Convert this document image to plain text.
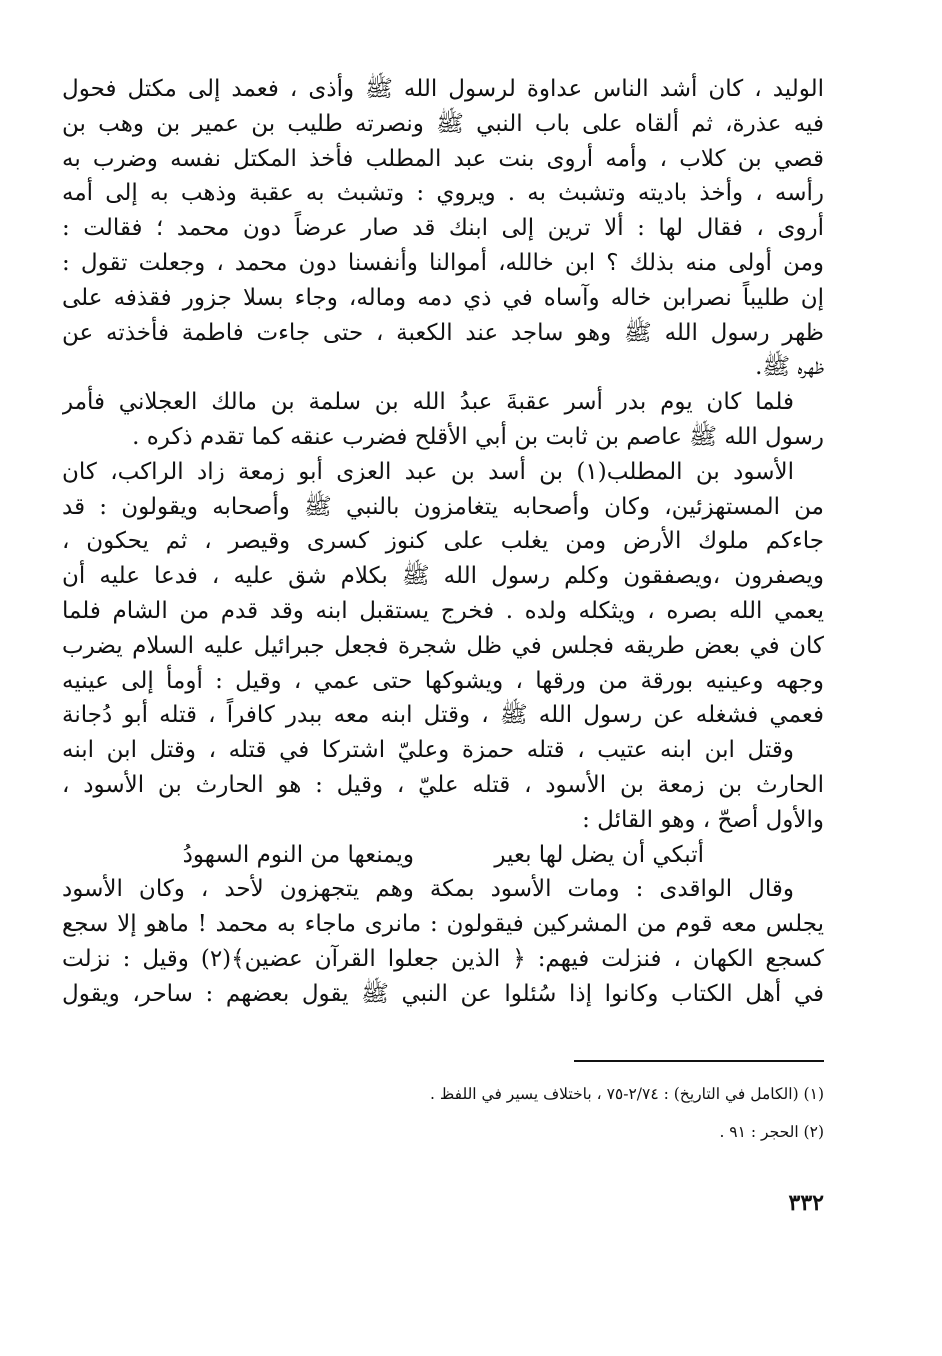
الوليد ، كان أشد الناس عداوة لرسول الله ﷺ وأذى ، فعمد إلى مكتل فحول
فيه عذرة، ثم ألقاه على باب النبي ﷺ ونصرته طليب بن عمير بن وهب بن
قصي بن كلاب ، وأمه أروى بنت عبد المطلب فأخذ المكتل نفسه وضرب به
رأسه ، وأخذ باديته وتشبث به . ويروي : وتشبث به عقبة وذهب به إلى أمه
أروى ، فقال لها : ألا ترين إلى ابنك قد صار عرضاً دون محمد ؛ فقالت :
ومن أولى منه بذلك ؟ ابن خالله، أموالنا وأنفسنا دون محمد ، وجعلت تقول :
إن طليباً نصرابن خاله وآساه في ذي دمه وماله، وجاء بسلا جزور فقذفه على
ظهر رسول الله ﷺ وهو ساجد عند الكعبة ، حتى جاءت فاطمة فأخذته عن
ظهره ﷺ.
فلما كان يوم بدر أسر عقبةَ عبدُ الله بن سلمة بن مالك العجلاني فأمر
رسول الله ﷺ عاصم بن ثابت بن أبي الأقلح فضرب عنقه كما تقدم ذكره .
الأسود بن المطلب(١) بن أسد بن عبد العزى أبو زمعة زاد الراكب، كان
من المستهزئين، وكان وأصحابه يتغامزون بالنبي ﷺ وأصحابه ويقولون : قد
جاءكم ملوك الأرض ومن يغلب على كنوز كسرى وقيصر ، ثم يحكون ،
ويصفرون ،ويصفقون وكلم رسول الله ﷺ بكلام شق عليه ، فدعا عليه أن
يعمي الله بصره ، ويثكله ولده . فخرج يستقبل ابنه وقد قدم من الشام فلما
كان في بعض طريقه فجلس في ظل شجرة فجعل جبرائيل عليه السلام يضرب
وجهه وعينيه بورقة من ورقها ، ويشوكها حتى عمي ، وقيل : أومأ إلى عينيه
فعمي فشغله عن رسول الله ﷺ ، وقتل ابنه معه ببدر كافراً ، قتله أبو دُجانة
وقتل ابن ابنه عتيب ، قتله حمزة وعليّ اشتركا في قتله ، وقتل ابن ابنه
الحارث بن زمعة بن الأسود ، قتله عليّ ، وقيل : هو الحارث بن الأسود ،
والأول أصحّ ، وهو القائل :
أتبكي أن يضل لها بعير
ويمنعها من النوم السهودُ
وقال الواقدى : ومات الأسود بمكة وهم يتجهزون لأحد ، وكان الأسود
يجلس معه قوم من المشركين فيقولون : مانرى ماجاء به محمد ! ماهو إلا سجع
كسجع الكهان ، فنزلت فيهم: ﴿ الذين جعلوا القرآن عضين﴾(٢) وقيل : نزلت
في أهل الكتاب وكانوا إذا سُئلوا عن النبي ﷺ يقول بعضهم : ساحر، ويقول
(١) (الكامل في التاريخ) : ٢/٧٤-٧٥ ، باختلاف يسير في اللفظ .
(٢) الحجر : ٩١ .
٣٣٢
